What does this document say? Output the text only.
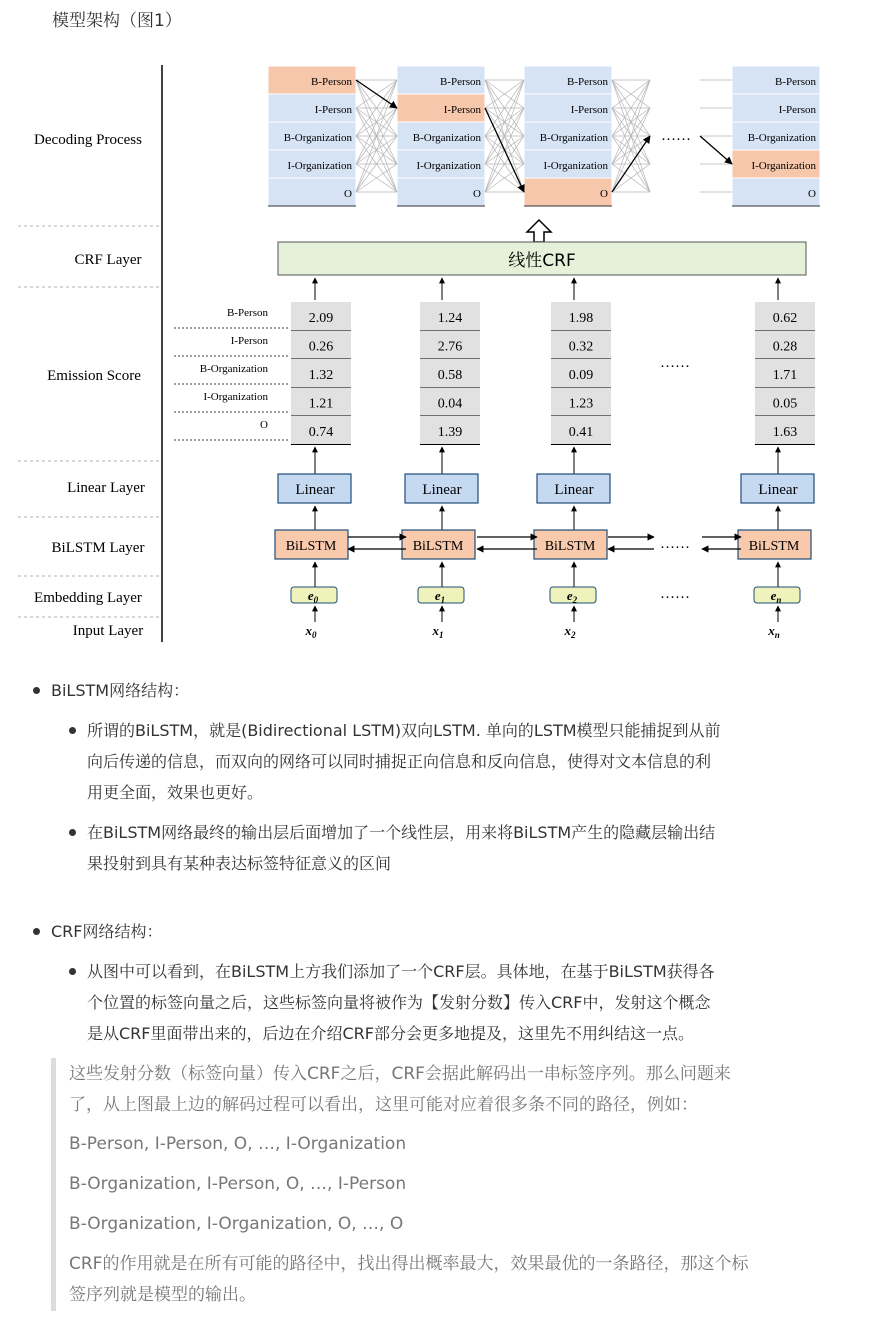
模型架构（图1）
Decoding Process
CRF Layer
Emission Score
Linear Layer
BiLSTM Layer
Embedding Layer
Input Layer
B-Person
I-Person
B-Organization
I-Organization
O
B-Person
I-Person
B-Organization
I-Organization
O
B-Person
I-Person
B-Organization
I-Organization
O
B-Person
I-Person
B-Organization
I-Organization
O
B-Person
I-Person
B-Organization
I-Organization
O
……
线性CRF
2.09
0.26
1.32
1.21
0.74
Linear
BiLSTM
$e_0$
$x_0$
1.24
2.76
0.58
0.04
1.39
Linear
BiLSTM
$e_1$
$x_1$
1.98
0.32
0.09
1.23
0.41
Linear
BiLSTM
$e_2$
$x_2$
0.62
0.28
1.71
0.05
1.63
Linear
BiLSTM
$e_n$
$x_n$
……
……
……
BiLSTM网络结构：
所谓的BiLSTM，就是(Bidirectional LSTM)双向LSTM. 单向的LSTM模型只能捕捉到从前
向后传递的信息，而双向的网络可以同时捕捉正向信息和反向信息，使得对文本信息的利
用更全面，效果也更好。
在BiLSTM网络最终的输出层后面增加了一个线性层，用来将BiLSTM产生的隐藏层输出结
果投射到具有某种表达标签特征意义的区间
CRF网络结构：
从图中可以看到，在BiLSTM上方我们添加了一个CRF层。具体地，在基于BiLSTM获得各
个位置的标签向量之后，这些标签向量将被作为【发射分数】传入CRF中，发射这个概念
是从CRF里面带出来的，后边在介绍CRF部分会更多地提及，这里先不用纠结这一点。
这些发射分数（标签向量）传入CRF之后，CRF会据此解码出一串标签序列。那么问题来
了，从上图最上边的解码过程可以看出，这里可能对应着很多条不同的路径，例如：
B-Person, I-Person, O, …, I-Organization
B-Organization, I-Person, O, …, I-Person
B-Organization, I-Organization, O, …, O
CRF的作用就是在所有可能的路径中，找出得出概率最大，效果最优的一条路径，那这个标
签序列就是模型的输出。
